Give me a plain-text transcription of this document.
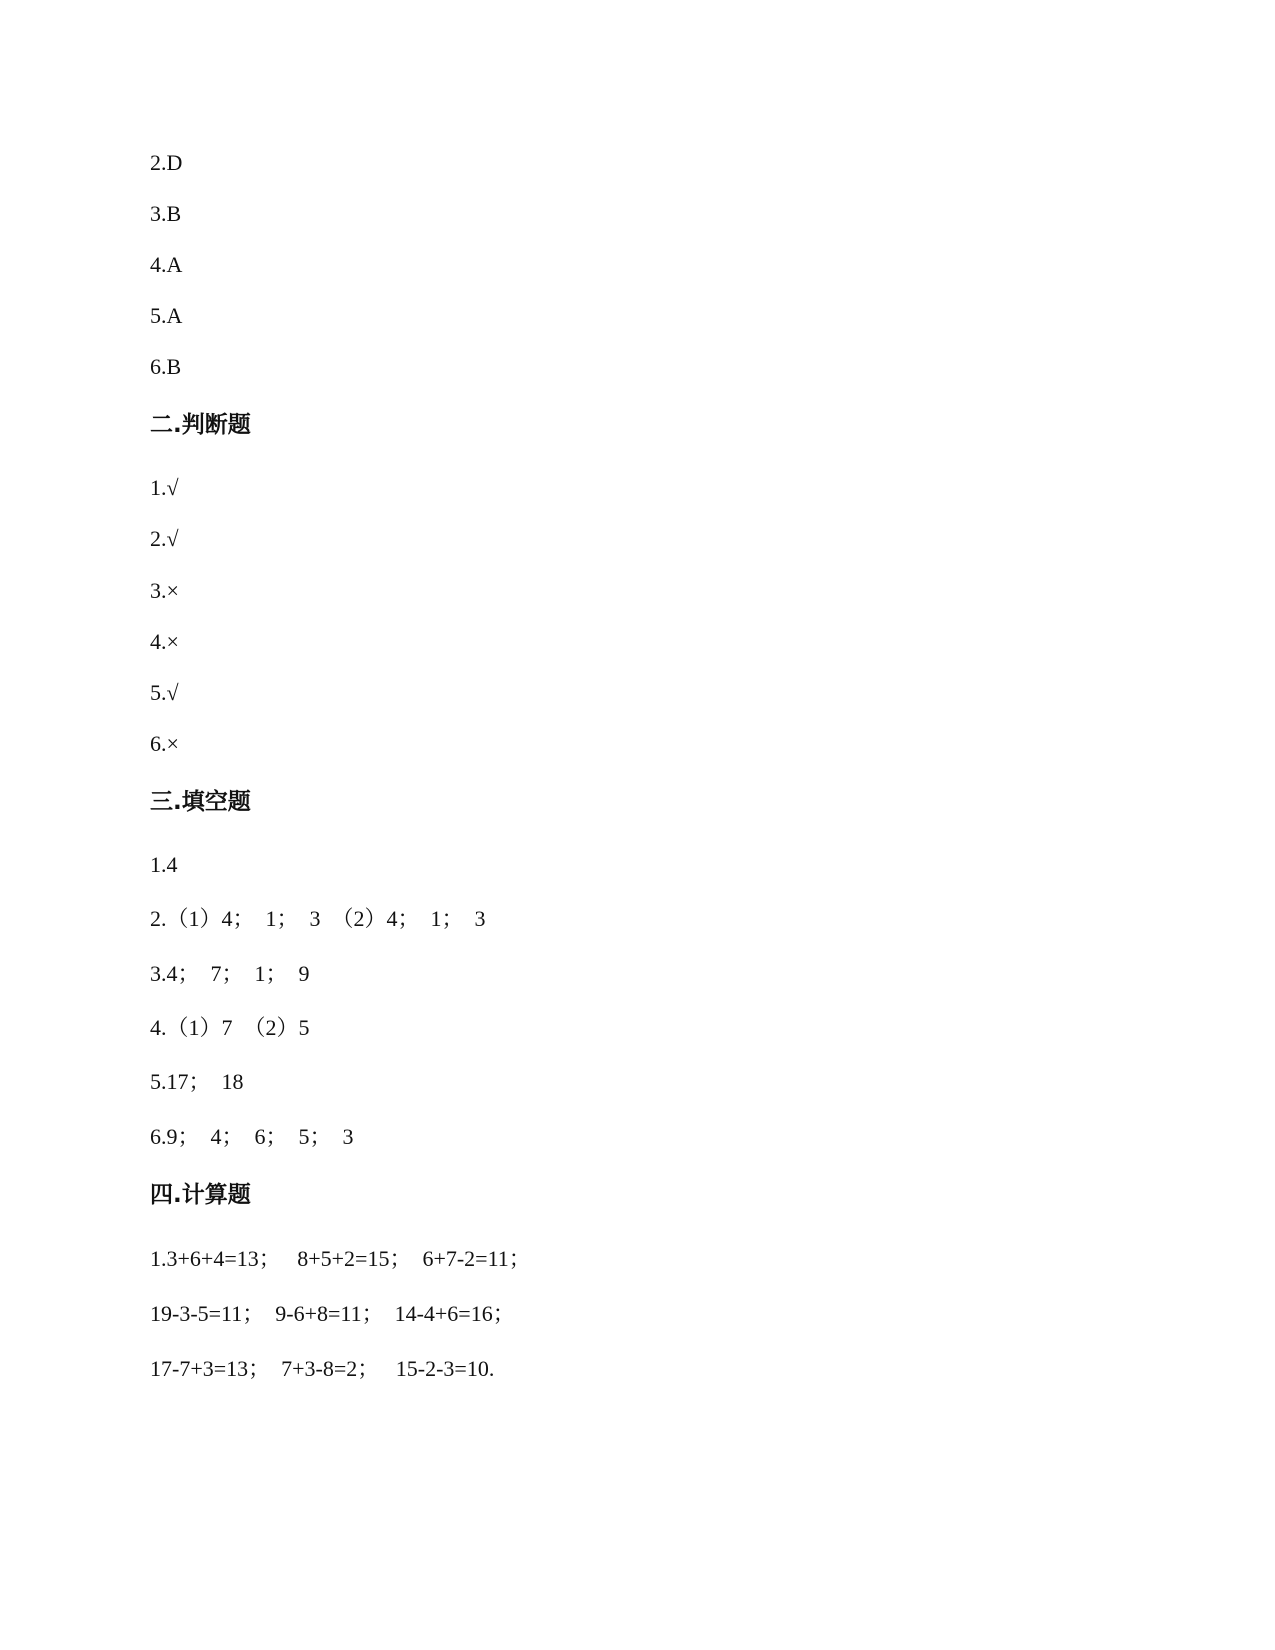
2.D
3.B
4.A
5.A
6.B
二.判断题
1.√
2.√
3.×
4.×
5.√
6.×
三.填空题
1.4
2.（1）4；  1；  3  （2）4；  1；  3
3.4；  7；  1；  9
4.（1）7  （2）5
5.17；  18
6.9；  4；  6；  5；  3
四.计算题
1.3+6+4=13；   8+5+2=15；  6+7-2=11；
19-3-5=11；  9-6+8=11；  14-4+6=16；
17-7+3=13；  7+3-8=2；   15-2-3=10.
